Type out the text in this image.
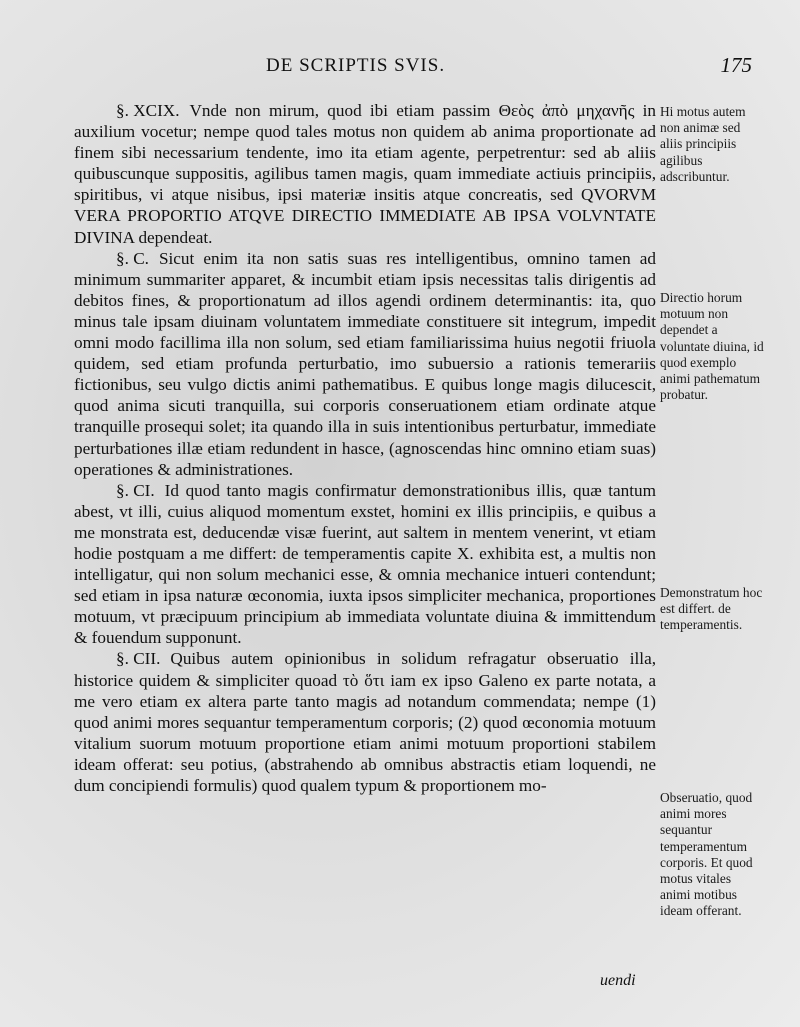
DE SCRIPTIS SVIS.	175

§. XCIX. Vnde non mirum, quod ibi etiam passim Θεὸς ἀπὸ μηχανῆς in auxilium vocetur; nempe quod tales motus non quidem ab anima proportionate ad finem sibi necessarium tendente, imo ita etiam agente, perpetrentur: sed ab aliis quibuscunque suppositis, agilibus tamen magis, quam immediate actiuis principiis, spiritibus, vi atque nisibus, ipsi materiæ insitis atque concreatis, sed QVORVM VERA PROPORTIO ATQVE DIRECTIO IMMEDIATE AB IPSA VOLVNTATE DIVINA dependeat.

§. C. Sicut enim ita non satis suas res intelligentibus, omnino tamen ad minimum summariter apparet, & incumbit etiam ipsis necessitas talis dirigentis ad debitos fines, & proportionatum ad illos agendi ordinem determinantis: ita, quo minus tale ipsam diuinam voluntatem immediate constituere sit integrum, impedit omni modo facillima illa non solum, sed etiam familiarissima huius negotii friuola quidem, sed etiam profunda perturbatio, imo subuersio a rationis temerariis fictionibus, seu vulgo dictis animi pathematibus. E quibus longe magis dilucescit, quod anima sicuti tranquilla, sui corporis conseruationem etiam ordinate atque tranquille prosequi solet; ita quando illa in suis intentionibus perturbatur, immediate perturbationes illæ etiam redundent in hasce, (agnoscendas hinc omnino etiam suas) operationes & administrationes.

§. CI. Id quod tanto magis confirmatur demonstrationibus illis, quæ tantum abest, vt illi, cuius aliquod momentum exstet, homini ex illis principiis, e quibus a me monstrata est, deducendæ visæ fuerint, aut saltem in mentem venerint, vt etiam hodie postquam a me differt: de temperamentis capite X. exhibita est, a multis non intelligatur, qui non solum mechanici esse, & omnia mechanice intueri contendunt; sed etiam in ipsa naturæ œconomia, iuxta ipsos simpliciter mechanica, proportiones motuum, vt præcipuum principium ab immediata voluntate diuina & immittendum & fouendum supponunt.

§. CII. Quibus autem opinionibus in solidum refragatur obseruatio illa, historice quidem & simpliciter quoad τὸ ὅτι iam ex ipso Galeno ex parte notata, a me vero etiam ex altera parte tanto magis ad notandum commendata; nempe (1) quod animi mores sequantur temperamentum corporis; (2) quod œconomia motuum vitalium suorum motuum proportione etiam animi motuum proportioni stabilem ideam offerat: seu potius, (abstrahendo ab omnibus abstractis etiam loquendi, ne dum concipiendi formulis) quod qualem typum & proportionem mo-

Hi motus autem non animæ sed aliis principiis agilibus adscribuntur.
Directio horum motuum non dependet a voluntate diuina, id quod exemplo animi pathematum probatur.
Demonstratum hoc est differt. de temperamentis.
Obseruatio, quod animi mores sequantur temperamentum corporis. Et quod motus vitales animi motibus ideam offerant.
uendi
